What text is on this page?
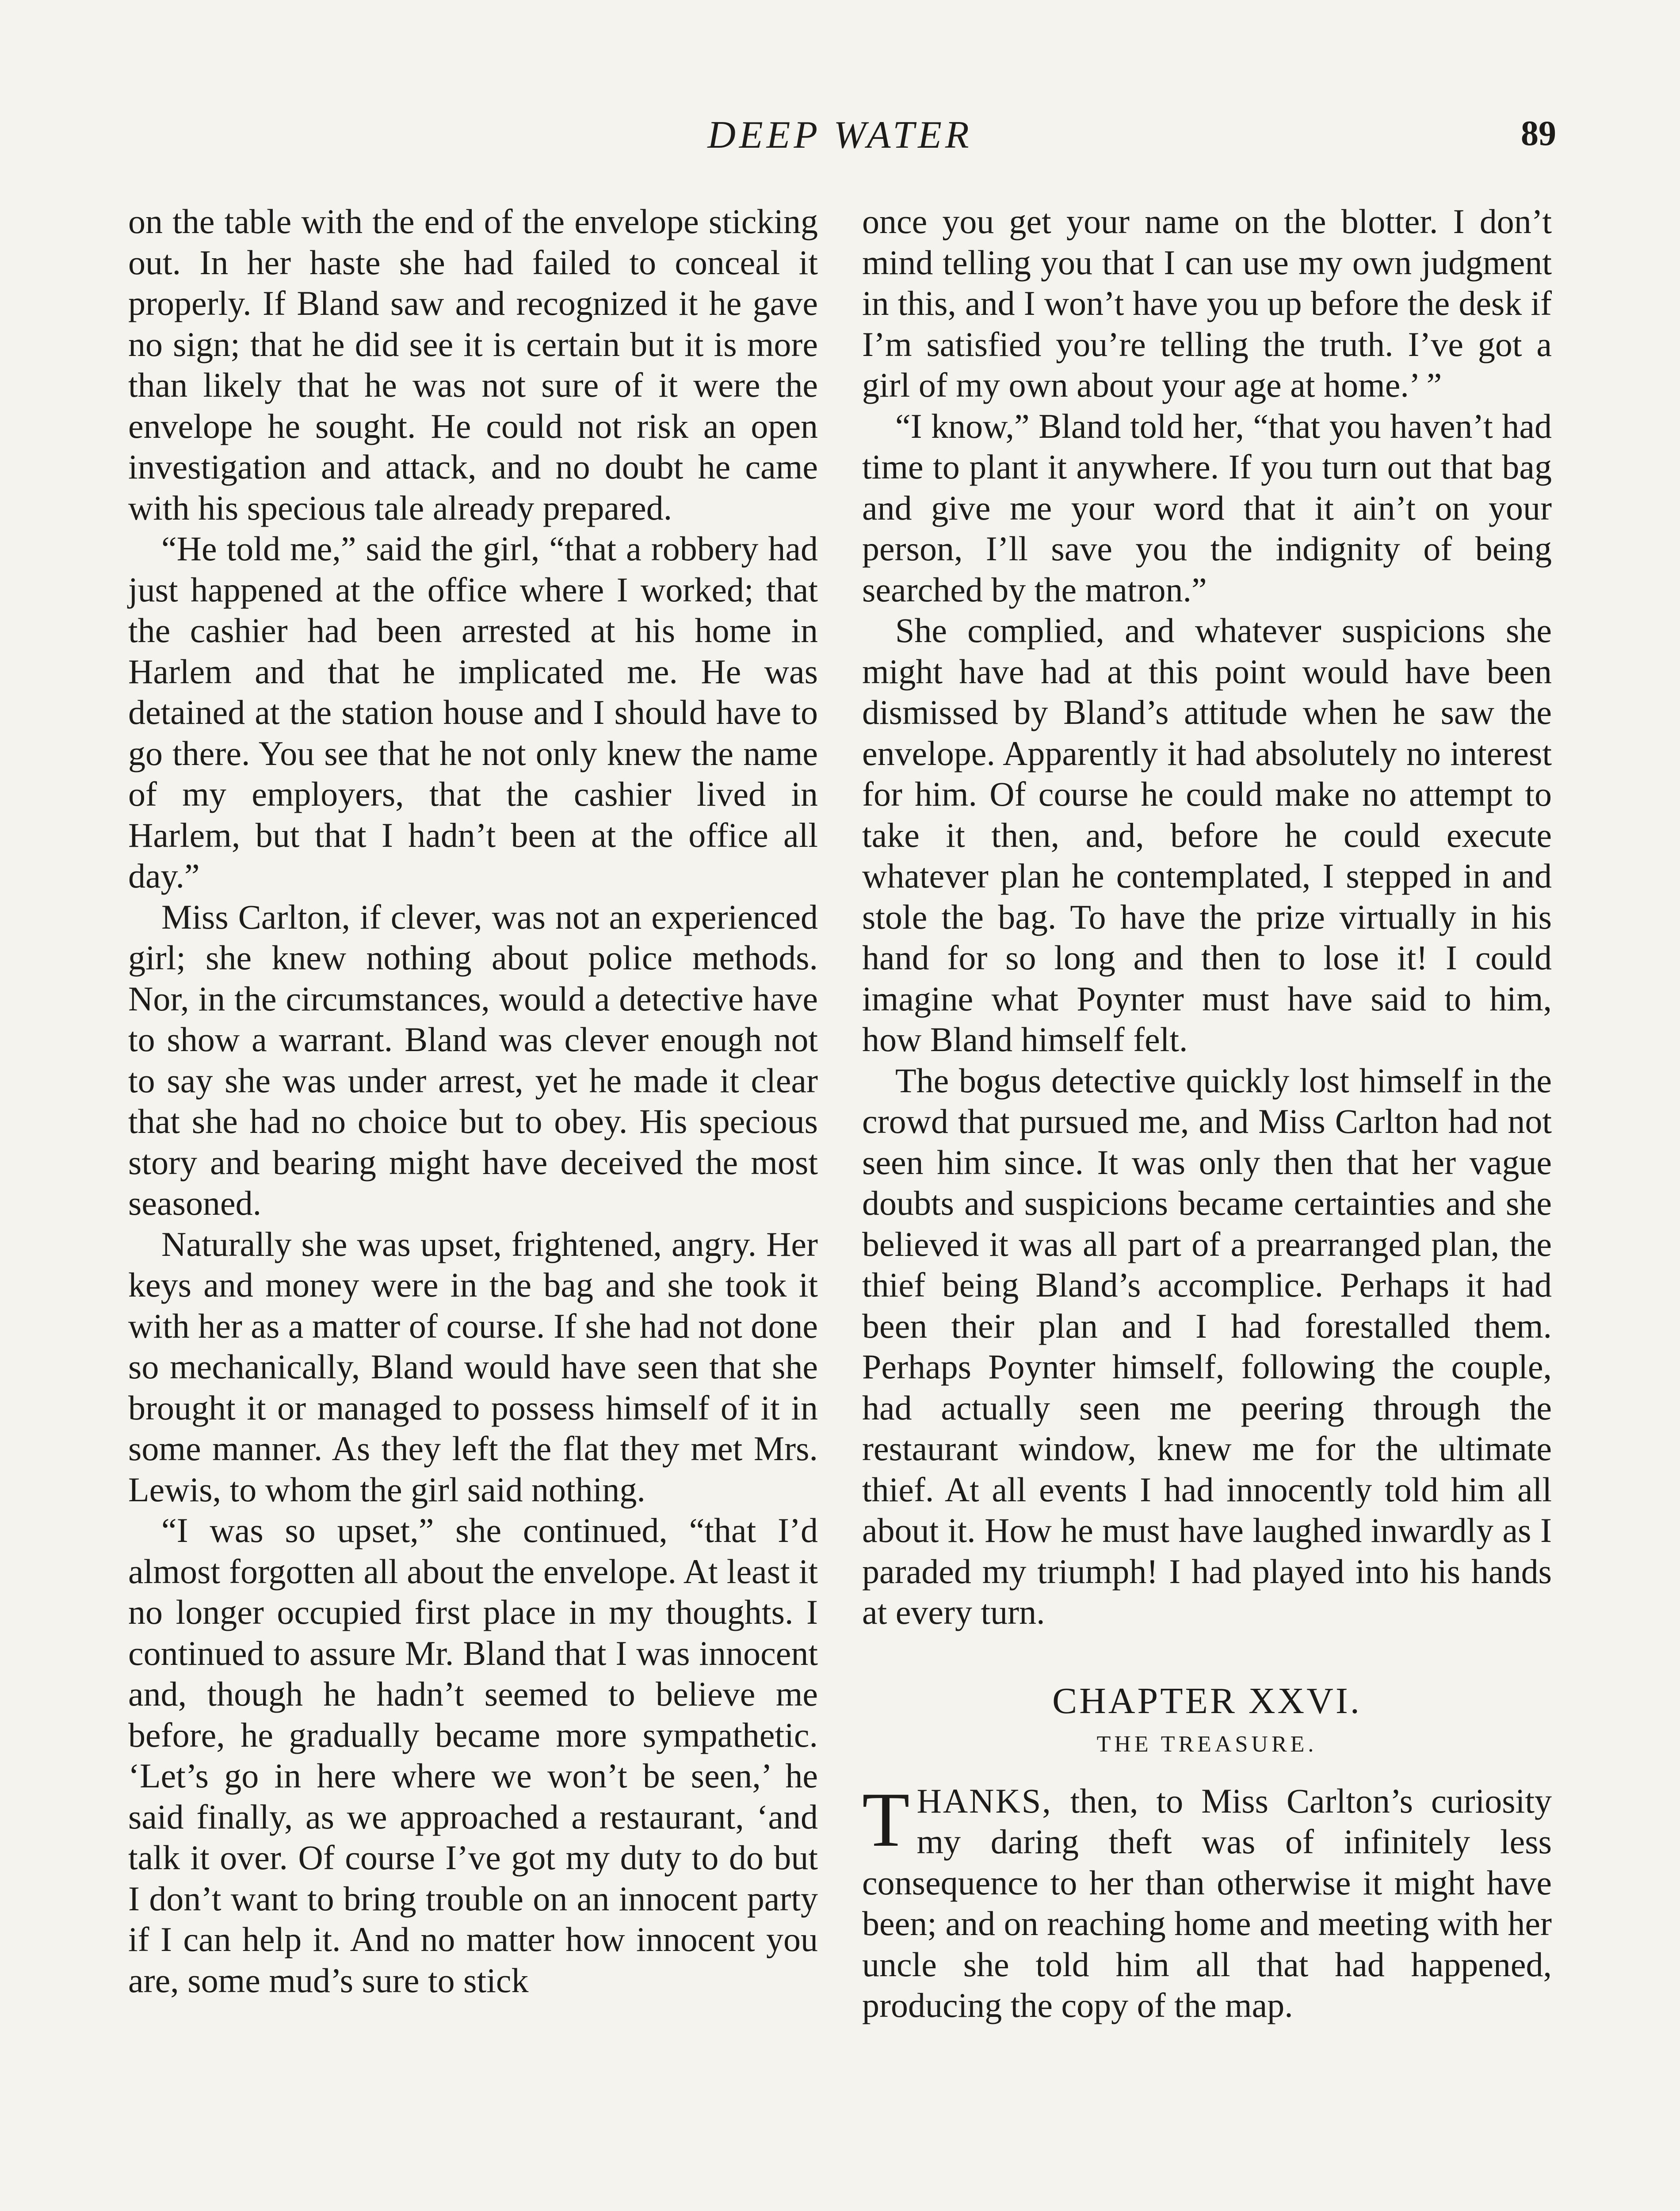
DEEP WATER	89

on the table with the end of the envelope sticking out. In her haste she had failed to conceal it properly. If Bland saw and recognized it he gave no sign; that he did see it is certain but it is more than likely that he was not sure of it were the envelope he sought. He could not risk an open investigation and attack, and no doubt he came with his specious tale already prepared.

“He told me,” said the girl, “that a robbery had just happened at the office where I worked; that the cashier had been arrested at his home in Harlem and that he implicated me. He was detained at the station house and I should have to go there. You see that he not only knew the name of my employers, that the cashier lived in Harlem, but that I hadn’t been at the office all day.”

Miss Carlton, if clever, was not an experienced girl; she knew nothing about police methods. Nor, in the circumstances, would a detective have to show a warrant. Bland was clever enough not to say she was under arrest, yet he made it clear that she had no choice but to obey. His specious story and bearing might have deceived the most seasoned.

Naturally she was upset, frightened, angry. Her keys and money were in the bag and she took it with her as a matter of course. If she had not done so mechanically, Bland would have seen that she brought it or managed to possess himself of it in some manner. As they left the flat they met Mrs. Lewis, to whom the girl said nothing.

“I was so upset,” she continued, “that I’d almost forgotten all about the envelope. At least it no longer occupied first place in my thoughts. I continued to assure Mr. Bland that I was innocent and, though he hadn’t seemed to believe me before, he gradually became more sympathetic. ‘Let’s go in here where we won’t be seen,’ he said finally, as we approached a restaurant, ‘and talk it over. Of course I’ve got my duty to do but I don’t want to bring trouble on an innocent party if I can help it. And no matter how innocent you are, some mud’s sure to stick

once you get your name on the blotter. I don’t mind telling you that I can use my own judgment in this, and I won’t have you up before the desk if I’m satisfied you’re telling the truth. I’ve got a girl of my own about your age at home.’ ”

“I know,” Bland told her, “that you haven’t had time to plant it anywhere. If you turn out that bag and give me your word that it ain’t on your person, I’ll save you the indignity of being searched by the matron.”

She complied, and whatever suspicions she might have had at this point would have been dismissed by Bland’s attitude when he saw the envelope. Apparently it had absolutely no interest for him. Of course he could make no attempt to take it then, and, before he could execute whatever plan he contemplated, I stepped in and stole the bag. To have the prize virtually in his hand for so long and then to lose it! I could imagine what Poynter must have said to him, how Bland himself felt.

The bogus detective quickly lost himself in the crowd that pursued me, and Miss Carlton had not seen him since. It was only then that her vague doubts and suspicions became certainties and she believed it was all part of a prearranged plan, the thief being Bland’s accomplice. Perhaps it had been their plan and I had forestalled them. Perhaps Poynter himself, following the couple, had actually seen me peering through the restaurant window, knew me for the ultimate thief. At all events I had innocently told him all about it. How he must have laughed inwardly as I paraded my triumph! I had played into his hands at every turn.

CHAPTER XXVI.
THE TREASURE.

THANKS, then, to Miss Carlton’s curiosity my daring theft was of infinitely less consequence to her than otherwise it might have been; and on reaching home and meeting with her uncle she told him all that had happened, producing the copy of the map.
